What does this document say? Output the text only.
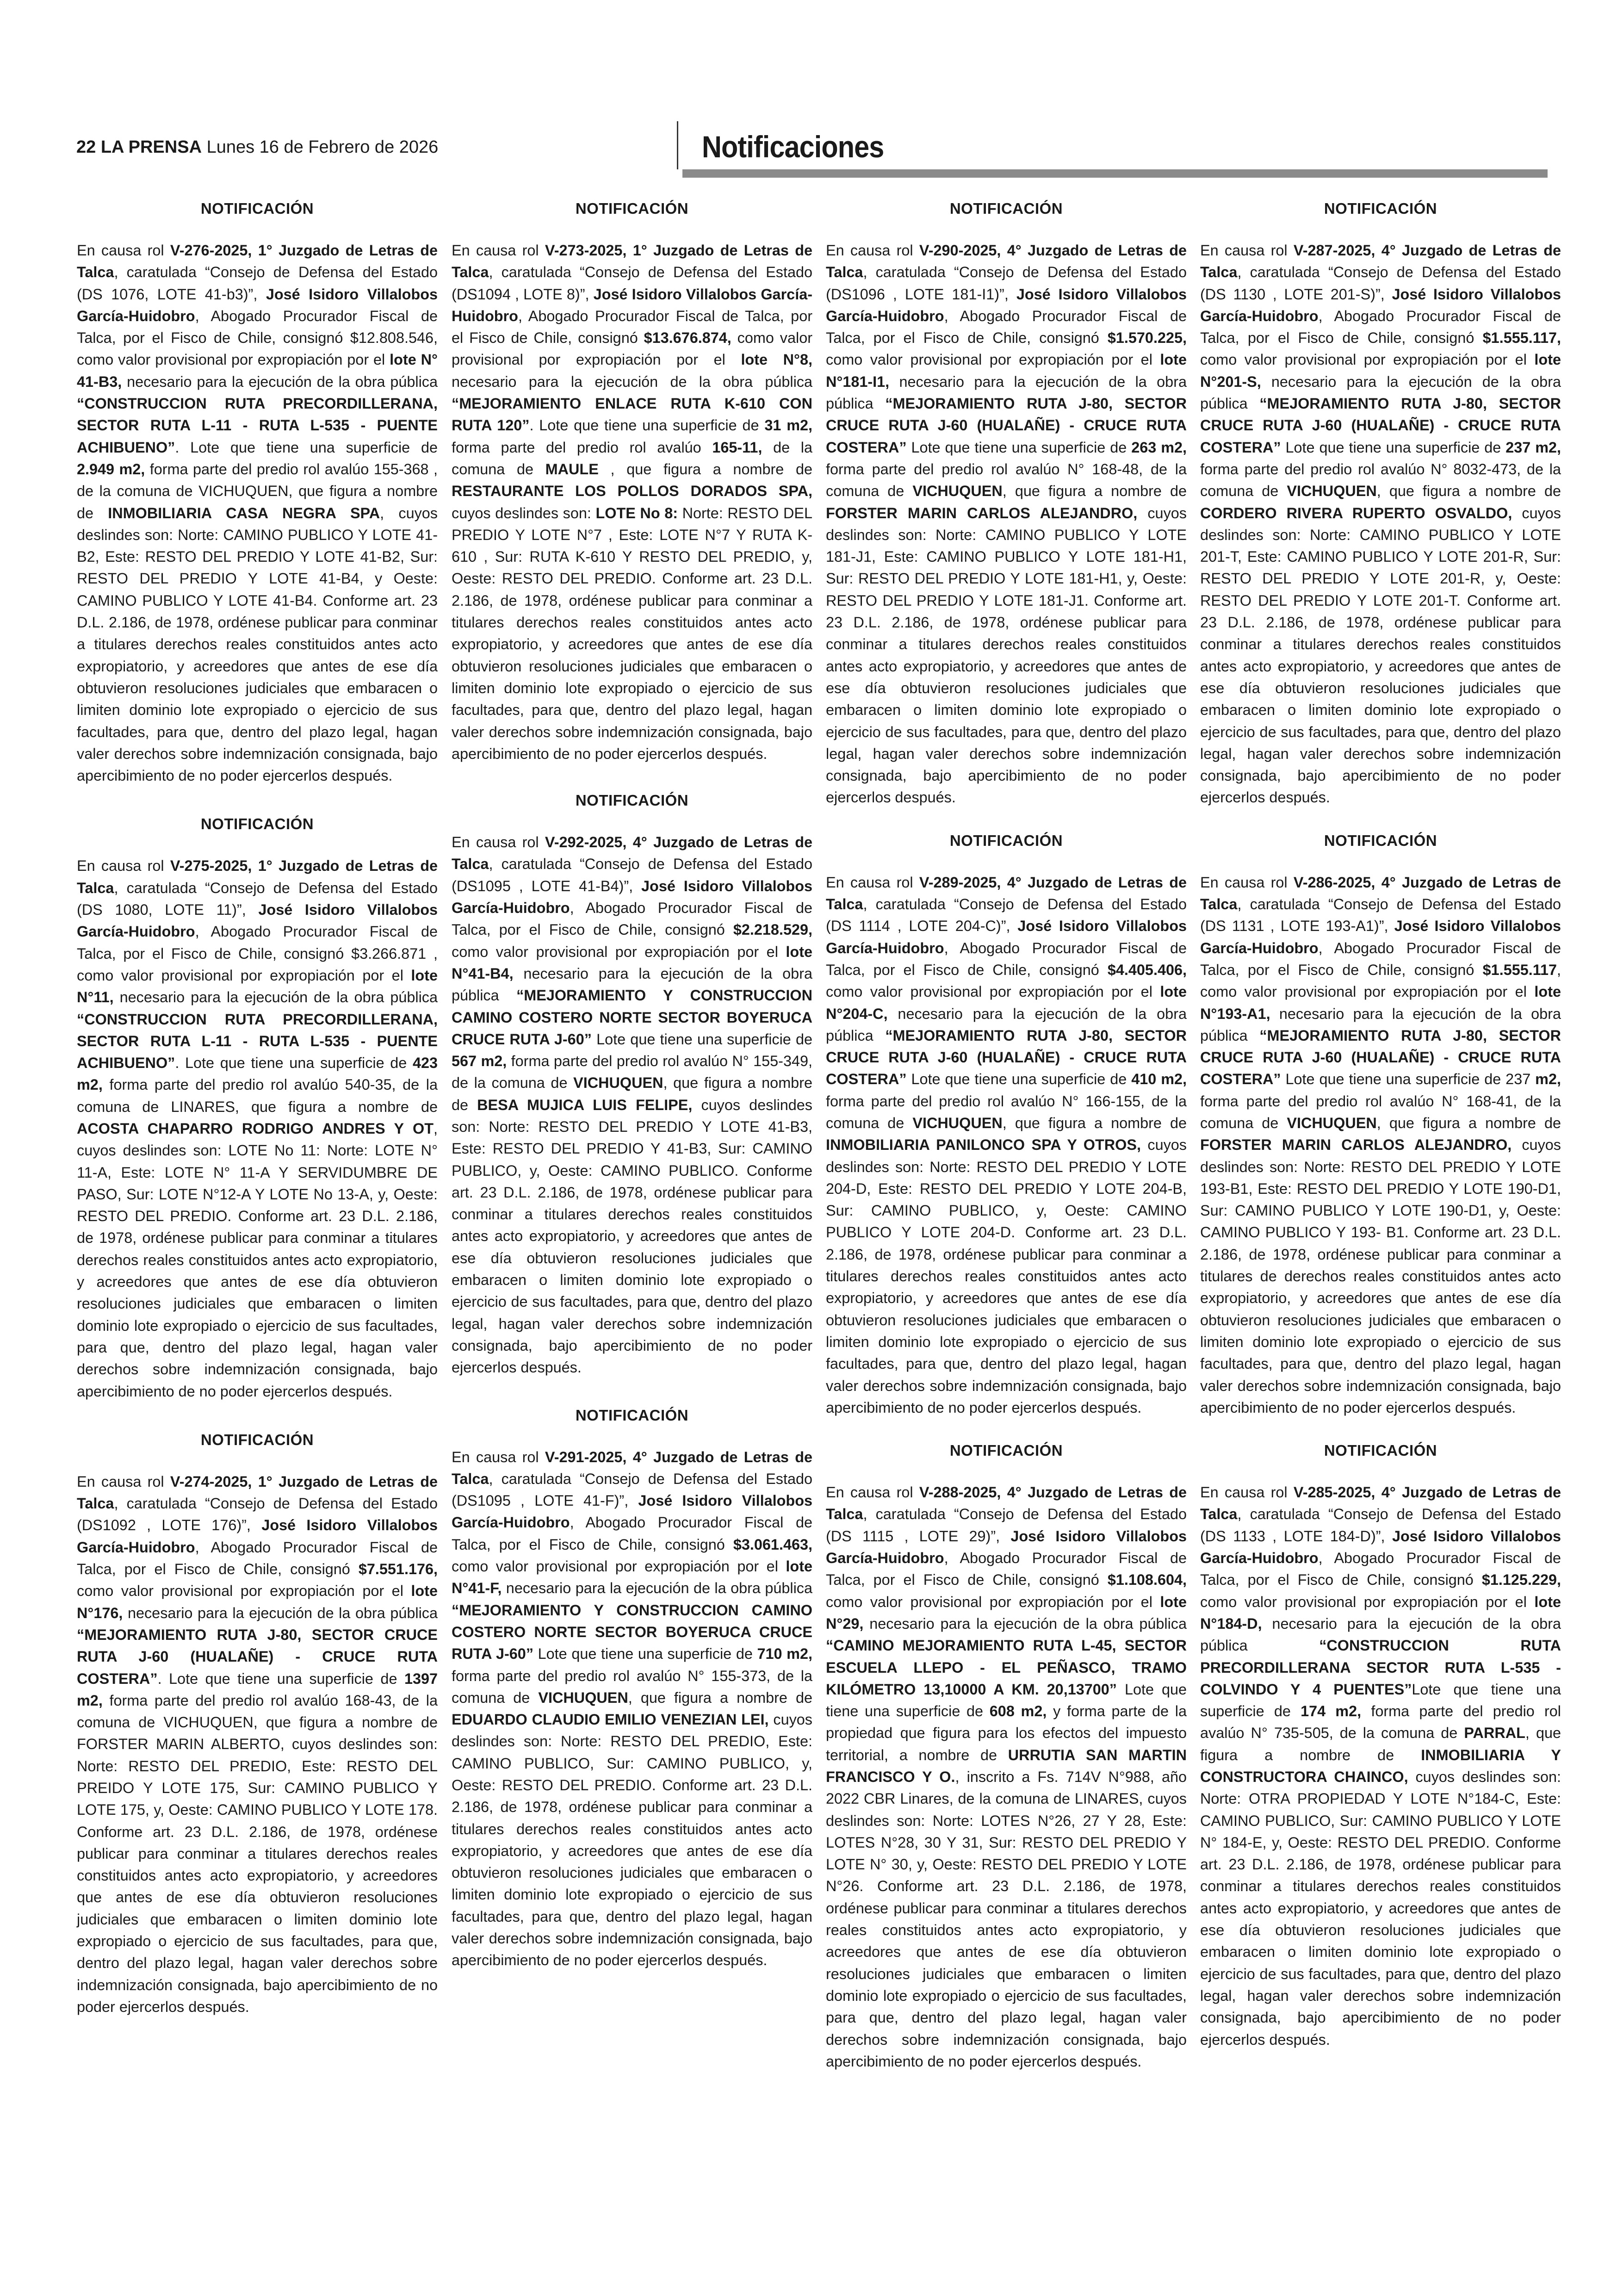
22 LA PRENSA Lunes 16 de Febrero de 2026	Notificaciones
NOTIFICACIÓN

En causa rol V-276-2025, 1° Juzgado de Letras de Talca, caratulada “Consejo de Defensa del Estado (DS 1076, LOTE 41-b3)”, José Isidoro Villalobos García-Huidobro, Abogado Procurador Fiscal de Talca, por el Fisco de Chile, consignó $12.808.546, como valor provisional por expropiación por el lote N° 41-B3, necesario para la ejecución de la obra pública “CONSTRUCCION RUTA PRECORDILLERANA, SECTOR RUTA L-11 - RUTA L-535 - PUENTE ACHIBUENO”. Lote que tiene una superficie de 2.949 m2, forma parte del predio rol avalúo 155-368 , de la comuna de VICHUQUEN, que figura a nombre de INMOBILIARIA CASA NEGRA SPA, cuyos deslindes son: Norte: CAMINO PUBLICO Y LOTE 41-B2, Este: RESTO DEL PREDIO Y LOTE 41-B2, Sur: RESTO DEL PREDIO Y LOTE 41-B4, y Oeste: CAMINO PUBLICO Y LOTE 41-B4. Conforme art. 23 D.L. 2.186, de 1978, ordénese publicar para conminar a titulares derechos reales constituidos antes acto expropiatorio, y acreedores que antes de ese día obtuvieron resoluciones judiciales que embaracen o limiten dominio lote expropiado o ejercicio de sus facultades, para que, dentro del plazo legal, hagan valer derechos sobre indemnización consignada, bajo apercibimiento de no poder ejercerlos después.

NOTIFICACIÓN

En causa rol V-275-2025, 1° Juzgado de Letras de Talca, caratulada “Consejo de Defensa del Estado (DS 1080, LOTE 11)”, José Isidoro Villalobos García-Huidobro, Abogado Procurador Fiscal de Talca, por el Fisco de Chile, consignó $3.266.871 , como valor provisional por expropiación por el lote N°11, necesario para la ejecución de la obra pública “CONSTRUCCION RUTA PRECORDILLERANA, SECTOR RUTA L-11 - RUTA L-535 - PUENTE ACHIBUENO”. Lote que tiene una superficie de 423 m2, forma parte del predio rol avalúo 540-35, de la comuna de LINARES, que figura a nombre de ACOSTA CHAPARRO RODRIGO ANDRES Y OT, cuyos deslindes son: LOTE No 11: Norte: LOTE N° 11-A, Este: LOTE N° 11-A Y SERVIDUMBRE DE PASO, Sur: LOTE N°12-A Y LOTE No 13-A, y, Oeste: RESTO DEL PREDIO. Conforme art. 23 D.L. 2.186, de 1978, ordénese publicar para conminar a titulares derechos reales constituidos antes acto expropiatorio, y acreedores que antes de ese día obtuvieron resoluciones judiciales que embaracen o limiten dominio lote expropiado o ejercicio de sus facultades, para que, dentro del plazo legal, hagan valer derechos sobre indemnización consignada, bajo apercibimiento de no poder ejercerlos después.

NOTIFICACIÓN

En causa rol V-274-2025, 1° Juzgado de Letras de Talca, caratulada “Consejo de Defensa del Estado (DS1092 , LOTE 176)”, José Isidoro Villalobos García-Huidobro, Abogado Procurador Fiscal de Talca, por el Fisco de Chile, consignó $7.551.176, como valor provisional por expropiación por el lote N°176, necesario para la ejecución de la obra pública “MEJORAMIENTO RUTA J-80, SECTOR CRUCE RUTA J-60 (HUALAÑE) - CRUCE RUTA COSTERA”. Lote que tiene una superficie de 1397 m2, forma parte del predio rol avalúo 168-43, de la comuna de VICHUQUEN, que figura a nombre de FORSTER MARIN ALBERTO, cuyos deslindes son: Norte: RESTO DEL PREDIO, Este: RESTO DEL PREIDO Y LOTE 175, Sur: CAMINO PUBLICO Y LOTE 175, y, Oeste: CAMINO PUBLICO Y LOTE 178. Conforme art. 23 D.L. 2.186, de 1978, ordénese publicar para conminar a titulares derechos reales constituidos antes acto expropiatorio, y acreedores que antes de ese día obtuvieron resoluciones judiciales que embaracen o limiten dominio lote expropiado o ejercicio de sus facultades, para que, dentro del plazo legal, hagan valer derechos sobre indemnización consignada, bajo apercibimiento de no poder ejercerlos después.

NOTIFICACIÓN

En causa rol V-273-2025, 1° Juzgado de Letras de Talca, caratulada “Consejo de Defensa del Estado (DS1094 , LOTE 8)”, José Isidoro Villalobos García-Huidobro, Abogado Procurador Fiscal de Talca, por el Fisco de Chile, consignó $13.676.874, como valor provisional por expropiación por el lote N°8, necesario para la ejecución de la obra pública “MEJORAMIENTO ENLACE RUTA K-610 CON RUTA 120”. Lote que tiene una superficie de 31 m2, forma parte del predio rol avalúo 165-11, de la comuna de MAULE , que figura a nombre de RESTAURANTE LOS POLLOS DORADOS SPA, cuyos deslindes son: LOTE No 8: Norte: RESTO DEL PREDIO Y LOTE N°7 , Este: LOTE N°7 Y RUTA K-610 , Sur: RUTA K-610 Y RESTO DEL PREDIO, y, Oeste: RESTO DEL PREDIO. Conforme art. 23 D.L. 2.186, de 1978, ordénese publicar para conminar a titulares derechos reales constituidos antes acto expropiatorio, y acreedores que antes de ese día obtuvieron resoluciones judiciales que embaracen o limiten dominio lote expropiado o ejercicio de sus facultades, para que, dentro del plazo legal, hagan valer derechos sobre indemnización consignada, bajo apercibimiento de no poder ejercerlos después.

NOTIFICACIÓN

En causa rol V-292-2025, 4° Juzgado de Letras de Talca, caratulada “Consejo de Defensa del Estado (DS1095 , LOTE 41-B4)”, José Isidoro Villalobos García-Huidobro, Abogado Procurador Fiscal de Talca, por el Fisco de Chile, consignó $2.218.529, como valor provisional por expropiación por el lote N°41-B4, necesario para la ejecución de la obra pública “MEJORAMIENTO Y CONSTRUCCION CAMINO COSTERO NORTE SECTOR BOYERUCA CRUCE RUTA J-60” Lote que tiene una superficie de 567 m2, forma parte del predio rol avalúo N° 155-349, de la comuna de VICHUQUEN, que figura a nombre de BESA MUJICA LUIS FELIPE, cuyos deslindes son: Norte: RESTO DEL PREDIO Y LOTE 41-B3, Este: RESTO DEL PREDIO Y 41-B3, Sur: CAMINO PUBLICO, y, Oeste: CAMINO PUBLICO. Conforme art. 23 D.L. 2.186, de 1978, ordénese publicar para conminar a titulares derechos reales constituidos antes acto expropiatorio, y acreedores que antes de ese día obtuvieron resoluciones judiciales que embaracen o limiten dominio lote expropiado o ejercicio de sus facultades, para que, dentro del plazo legal, hagan valer derechos sobre indemnización consignada, bajo apercibimiento de no poder ejercerlos después.

NOTIFICACIÓN

En causa rol V-291-2025, 4° Juzgado de Letras de Talca, caratulada “Consejo de Defensa del Estado (DS1095 , LOTE 41-F)”, José Isidoro Villalobos García-Huidobro, Abogado Procurador Fiscal de Talca, por el Fisco de Chile, consignó $3.061.463, como valor provisional por expropiación por el lote N°41-F, necesario para la ejecución de la obra pública “MEJORAMIENTO Y CONSTRUCCION CAMINO COSTERO NORTE SECTOR BOYERUCA CRUCE RUTA J-60” Lote que tiene una superficie de 710 m2, forma parte del predio rol avalúo N° 155-373, de la comuna de VICHUQUEN, que figura a nombre de EDUARDO CLAUDIO EMILIO VENEZIAN LEI, cuyos deslindes son: Norte: RESTO DEL PREDIO, Este: CAMINO PUBLICO, Sur: CAMINO PUBLICO, y, Oeste: RESTO DEL PREDIO. Conforme art. 23 D.L. 2.186, de 1978, ordénese publicar para conminar a titulares derechos reales constituidos antes acto expropiatorio, y acreedores que antes de ese día obtuvieron resoluciones judiciales que embaracen o limiten dominio lote expropiado o ejercicio de sus facultades, para que, dentro del plazo legal, hagan valer derechos sobre indemnización consignada, bajo apercibimiento de no poder ejercerlos después.

NOTIFICACIÓN

En causa rol V-290-2025, 4° Juzgado de Letras de Talca, caratulada “Consejo de Defensa del Estado (DS1096 , LOTE 181-I1)”, José Isidoro Villalobos García-Huidobro, Abogado Procurador Fiscal de Talca, por el Fisco de Chile, consignó $1.570.225, como valor provisional por expropiación por el lote N°181-I1, necesario para la ejecución de la obra pública “MEJORAMIENTO RUTA J-80, SECTOR CRUCE RUTA J-60 (HUALAÑE) - CRUCE RUTA COSTERA” Lote que tiene una superficie de 263 m2, forma parte del predio rol avalúo N° 168-48, de la comuna de VICHUQUEN, que figura a nombre de FORSTER MARIN CARLOS ALEJANDRO, cuyos deslindes son: Norte: CAMINO PUBLICO Y LOTE 181-J1, Este: CAMINO PUBLICO Y LOTE 181-H1, Sur: RESTO DEL PREDIO Y LOTE 181-H1, y, Oeste: RESTO DEL PREDIO Y LOTE 181-J1. Conforme art. 23 D.L. 2.186, de 1978, ordénese publicar para conminar a titulares derechos reales constituidos antes acto expropiatorio, y acreedores que antes de ese día obtuvieron resoluciones judiciales que embaracen o limiten dominio lote expropiado o ejercicio de sus facultades, para que, dentro del plazo legal, hagan valer derechos sobre indemnización consignada, bajo apercibimiento de no poder ejercerlos después.

NOTIFICACIÓN

En causa rol V-289-2025, 4° Juzgado de Letras de Talca, caratulada “Consejo de Defensa del Estado (DS 1114 , LOTE 204-C)”, José Isidoro Villalobos García-Huidobro, Abogado Procurador Fiscal de Talca, por el Fisco de Chile, consignó $4.405.406, como valor provisional por expropiación por el lote N°204-C, necesario para la ejecución de la obra pública “MEJORAMIENTO RUTA J-80, SECTOR CRUCE RUTA J-60 (HUALAÑE) - CRUCE RUTA COSTERA” Lote que tiene una superficie de 410 m2, forma parte del predio rol avalúo N° 166-155, de la comuna de VICHUQUEN, que figura a nombre de INMOBILIARIA PANILONCO SPA Y OTROS, cuyos deslindes son: Norte: RESTO DEL PREDIO Y LOTE 204-D, Este: RESTO DEL PREDIO Y LOTE 204-B, Sur: CAMINO PUBLICO, y, Oeste: CAMINO PUBLICO Y LOTE 204-D. Conforme art. 23 D.L. 2.186, de 1978, ordénese publicar para conminar a titulares derechos reales constituidos antes acto expropiatorio, y acreedores que antes de ese día obtuvieron resoluciones judiciales que embaracen o limiten dominio lote expropiado o ejercicio de sus facultades, para que, dentro del plazo legal, hagan valer derechos sobre indemnización consignada, bajo apercibimiento de no poder ejercerlos después.

NOTIFICACIÓN

En causa rol V-288-2025, 4° Juzgado de Letras de Talca, caratulada “Consejo de Defensa del Estado (DS 1115 , LOTE 29)”, José Isidoro Villalobos García-Huidobro, Abogado Procurador Fiscal de Talca, por el Fisco de Chile, consignó $1.108.604, como valor provisional por expropiación por el lote N°29, necesario para la ejecución de la obra pública “CAMINO MEJORAMIENTO RUTA L-45, SECTOR ESCUELA LLEPO - EL PEÑASCO, TRAMO KILÓMETRO 13,10000 A KM. 20,13700” Lote que tiene una superficie de 608 m2, y forma parte de la propiedad que figura para los efectos del impuesto territorial, a nombre de URRUTIA SAN MARTIN FRANCISCO Y O., inscrito a Fs. 714V N°988, año 2022 CBR Linares, de la comuna de LINARES, cuyos deslindes son: Norte: LOTES N°26, 27 Y 28, Este: LOTES N°28, 30 Y 31, Sur: RESTO DEL PREDIO Y LOTE N° 30, y, Oeste: RESTO DEL PREDIO Y LOTE N°26. Conforme art. 23 D.L. 2.186, de 1978, ordénese publicar para conminar a titulares derechos reales constituidos antes acto expropiatorio, y acreedores que antes de ese día obtuvieron resoluciones judiciales que embaracen o limiten dominio lote expropiado o ejercicio de sus facultades, para que, dentro del plazo legal, hagan valer derechos sobre indemnización consignada, bajo apercibimiento de no poder ejercerlos después.

NOTIFICACIÓN

En causa rol V-287-2025, 4° Juzgado de Letras de Talca, caratulada “Consejo de Defensa del Estado (DS 1130 , LOTE 201-S)”, José Isidoro Villalobos García-Huidobro, Abogado Procurador Fiscal de Talca, por el Fisco de Chile, consignó $1.555.117, como valor provisional por expropiación por el lote N°201-S, necesario para la ejecución de la obra pública “MEJORAMIENTO RUTA J-80, SECTOR CRUCE RUTA J-60 (HUALAÑE) - CRUCE RUTA COSTERA” Lote que tiene una superficie de 237 m2, forma parte del predio rol avalúo N° 8032-473, de la comuna de VICHUQUEN, que figura a nombre de CORDERO RIVERA RUPERTO OSVALDO, cuyos deslindes son: Norte: CAMINO PUBLICO Y LOTE 201-T, Este: CAMINO PUBLICO Y LOTE 201-R, Sur: RESTO DEL PREDIO Y LOTE 201-R, y, Oeste: RESTO DEL PREDIO Y LOTE 201-T. Conforme art. 23 D.L. 2.186, de 1978, ordénese publicar para conminar a titulares derechos reales constituidos antes acto expropiatorio, y acreedores que antes de ese día obtuvieron resoluciones judiciales que embaracen o limiten dominio lote expropiado o ejercicio de sus facultades, para que, dentro del plazo legal, hagan valer derechos sobre indemnización consignada, bajo apercibimiento de no poder ejercerlos después.

NOTIFICACIÓN

En causa rol V-286-2025, 4° Juzgado de Letras de Talca, caratulada “Consejo de Defensa del Estado (DS 1131 , LOTE 193-A1)”, José Isidoro Villalobos García-Huidobro, Abogado Procurador Fiscal de Talca, por el Fisco de Chile, consignó $1.555.117, como valor provisional por expropiación por el lote N°193-A1, necesario para la ejecución de la obra pública “MEJORAMIENTO RUTA J-80, SECTOR CRUCE RUTA J-60 (HUALAÑE) - CRUCE RUTA COSTERA” Lote que tiene una superficie de 237 m2, forma parte del predio rol avalúo N° 168-41, de la comuna de VICHUQUEN, que figura a nombre de FORSTER MARIN CARLOS ALEJANDRO, cuyos deslindes son: Norte: RESTO DEL PREDIO Y LOTE 193-B1, Este: RESTO DEL PREDIO Y LOTE 190-D1, Sur: CAMINO PUBLICO Y LOTE 190-D1, y, Oeste: CAMINO PUBLICO Y 193- B1. Conforme art. 23 D.L. 2.186, de 1978, ordénese publicar para conminar a titulares de derechos reales constituidos antes acto expropiatorio, y acreedores que antes de ese día obtuvieron resoluciones judiciales que embaracen o limiten dominio lote expropiado o ejercicio de sus facultades, para que, dentro del plazo legal, hagan valer derechos sobre indemnización consignada, bajo apercibimiento de no poder ejercerlos después.

NOTIFICACIÓN

En causa rol V-285-2025, 4° Juzgado de Letras de Talca, caratulada “Consejo de Defensa del Estado (DS 1133 , LOTE 184-D)”, José Isidoro Villalobos García-Huidobro, Abogado Procurador Fiscal de Talca, por el Fisco de Chile, consignó $1.125.229, como valor provisional por expropiación por el lote N°184-D, necesario para la ejecución de la obra pública “CONSTRUCCION RUTA PRECORDILLERANA SECTOR RUTA L-535 - COLVINDO Y 4 PUENTES”Lote que tiene una superficie de 174 m2, forma parte del predio rol avalúo N° 735-505, de la comuna de PARRAL, que figura a nombre de INMOBILIARIA Y CONSTRUCTORA CHAINCO, cuyos deslindes son: Norte: OTRA PROPIEDAD Y LOTE N°184-C, Este: CAMINO PUBLICO, Sur: CAMINO PUBLICO Y LOTE N° 184-E, y, Oeste: RESTO DEL PREDIO. Conforme art. 23 D.L. 2.186, de 1978, ordénese publicar para conminar a titulares derechos reales constituidos antes acto expropiatorio, y acreedores que antes de ese día obtuvieron resoluciones judiciales que embaracen o limiten dominio lote expropiado o ejercicio de sus facultades, para que, dentro del plazo legal, hagan valer derechos sobre indemnización consignada, bajo apercibimiento de no poder ejercerlos después.
